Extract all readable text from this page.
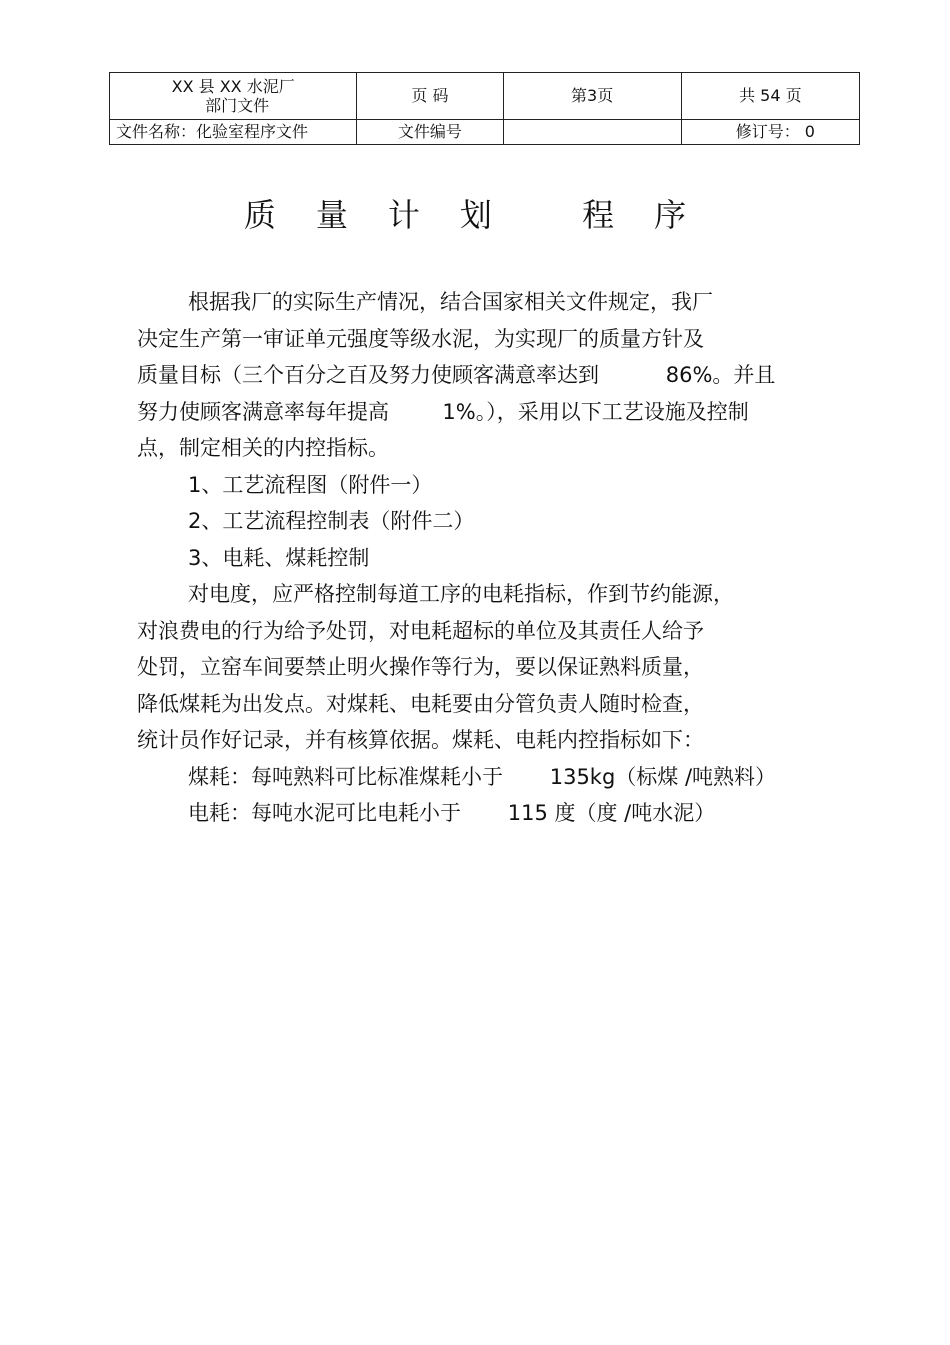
XX 县 XX 水泥厂
部门文件	页 码	第3页	共 54 页
文件名称：化验室程序文件	文件编号		修订号： 0
质量计划 程序
根据我厂的实际生产情况，结合国家相关文件规定，我厂
决定生产第一审证单元强度等级水泥，为实现厂的质量方针及
质量目标（三个百分之百及努力使顾客满意率达到          86%。并且
努力使顾客满意率每年提高        1%。），采用以下工艺设施及控制
点，制定相关的内控指标。
1、工艺流程图（附件一）
2、工艺流程控制表（附件二）
3、电耗、煤耗控制
对电度，应严格控制每道工序的电耗指标，作到节约能源，
对浪费电的行为给予处罚，对电耗超标的单位及其责任人给予
处罚，立窑车间要禁止明火操作等行为，要以保证熟料质量，
降低煤耗为出发点。对煤耗、电耗要由分管负责人随时检查，
统计员作好记录，并有核算依据。煤耗、电耗内控指标如下：
煤耗：每吨熟料可比标准煤耗小于       135kg（标煤 /吨熟料）
电耗：每吨水泥可比电耗小于       115 度（度 /吨水泥）
